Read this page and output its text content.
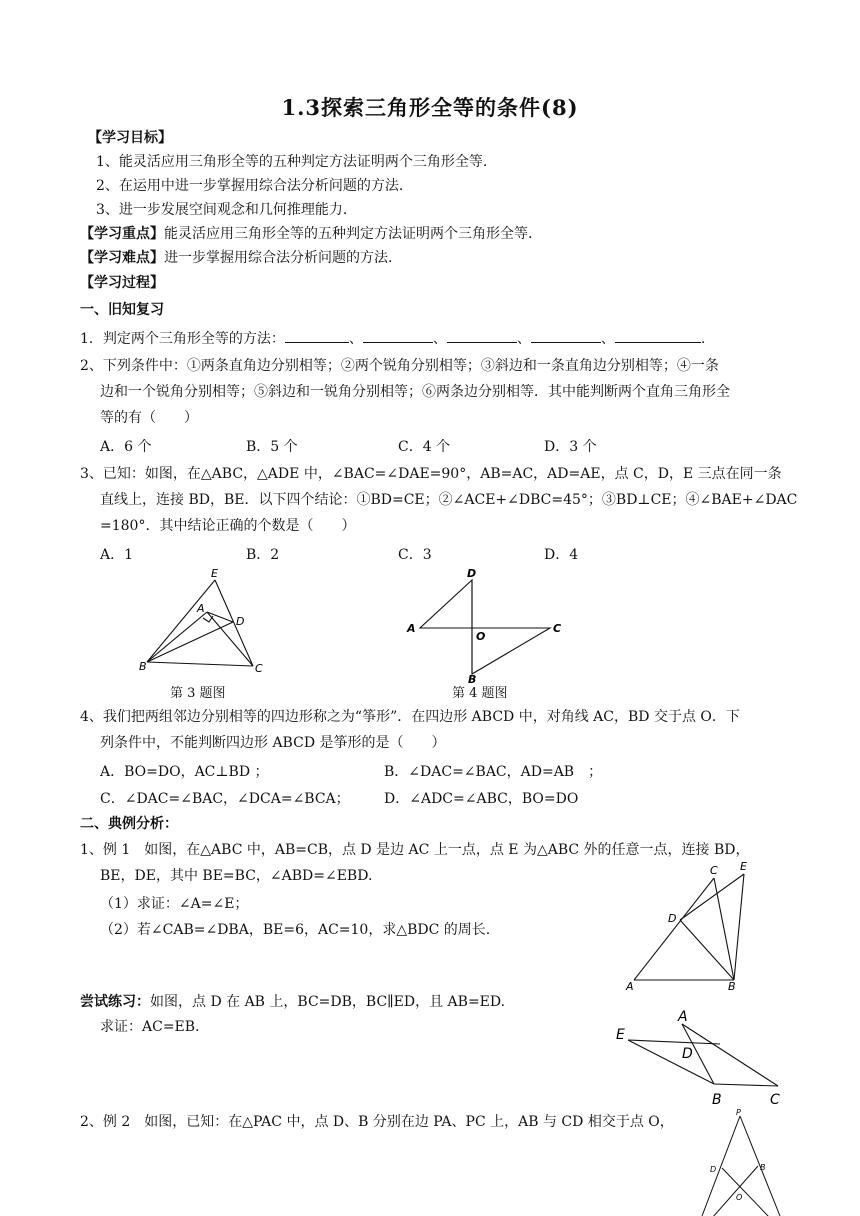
1.3探索三角形全等的条件(8)
【学习目标】
1、能灵活应用三角形全等的五种判定方法证明两个三角形全等.
2、在运用中进一步掌握用综合法分析问题的方法.
3、进一步发展空间观念和几何推理能力.
【学习重点】能灵活应用三角形全等的五种判定方法证明两个三角形全等.
【学习难点】进一步掌握用综合法分析问题的方法.
【学习过程】
一、旧知复习
1．判定两个三角形全等的方法：	、	、	、	、	.
2、下列条件中：①两条直角边分别相等；②两个锐角分别相等；③斜边和一条直角边分别相等；④一条
边和一个锐角分别相等；⑤斜边和一锐角分别相等；⑥两条边分别相等．其中能判断两个直角三角形全
等的有（　　）
A．6 个	B．5 个	C．4 个	D．3 个
3、已知：如图，在△ABC，△ADE 中，∠BAC=∠DAE=90°，AB=AC，AD=AE，点 C，D，E 三点在同一条
直线上，连接 BD，BE．以下四个结论：①BD=CE；②∠ACE+∠DBC=45°；③BD⊥CE；④∠BAE+∠DAC
=180°．其中结论正确的个数是（　　）
A．1	B．2	C．3	D．4
E
A
D
B	C
第 3 题图
D
A
O
C
B
第 4 题图
4、我们把两组邻边分别相等的四边形称之为“筝形”．在四边形 ABCD 中，对角线 AC，BD 交于点 O．下
列条件中，不能判断四边形 ABCD 是筝形的是（　　）
A．BO=DO，AC⊥BD ；	B．∠DAC=∠BAC，AD=AB　；
C．∠DAC=∠BAC，∠DCA=∠BCA； D．∠ADC=∠ABC，BO=DO
二、典例分析：
1、例 1　如图，在△ABC 中，AB=CB，点 D 是边 AC 上一点，点 E 为△ABC 外的任意一点，连接 BD，
BE，DE，其中 BE=BC，∠ABD=∠EBD.
（1）求证：∠A=∠E；
（2）若∠CAB=∠DBA，BE=6，AC=10，求△BDC 的周长.
C E
D
A	B
尝试练习：如图，点 D 在 AB 上，BC=DB，BC∥ED，且 AB=ED.
求证：AC=EB.
A
E
D
B	C
2、例 2　如图，已知：在△PAC 中，点 D、B 分别在边 PA、PC 上，AB 与 CD 相交于点 O，
P
D	B
O
